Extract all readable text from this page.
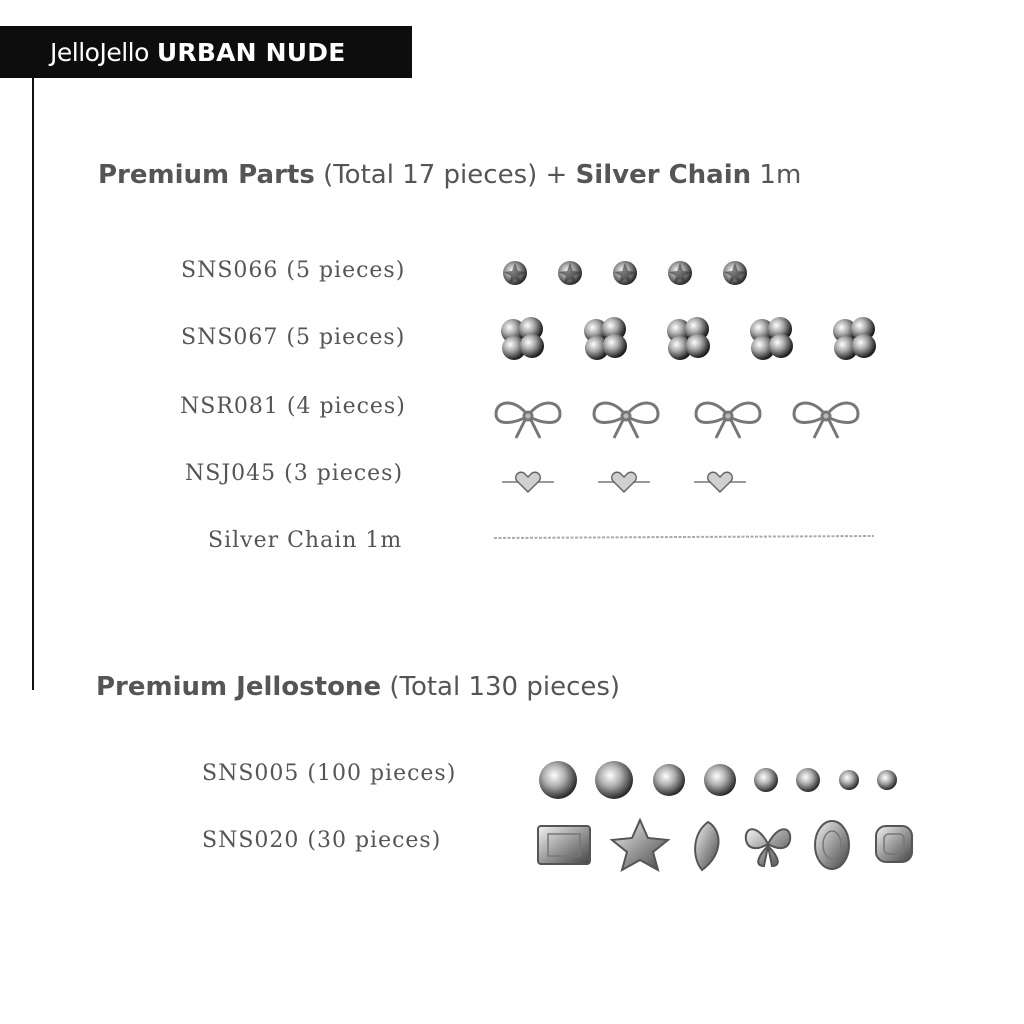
JelloJello URBAN NUDE
Premium Parts (Total 17 pieces) + Silver Chain 1m
SNS066 (5 pieces)
SNS067 (5 pieces)
NSR081 (4 pieces)
NSJ045 (3 pieces)
Silver Chain 1m
Premium Jellostone (Total 130 pieces)
SNS005 (100 pieces)
SNS020 (30 pieces)
